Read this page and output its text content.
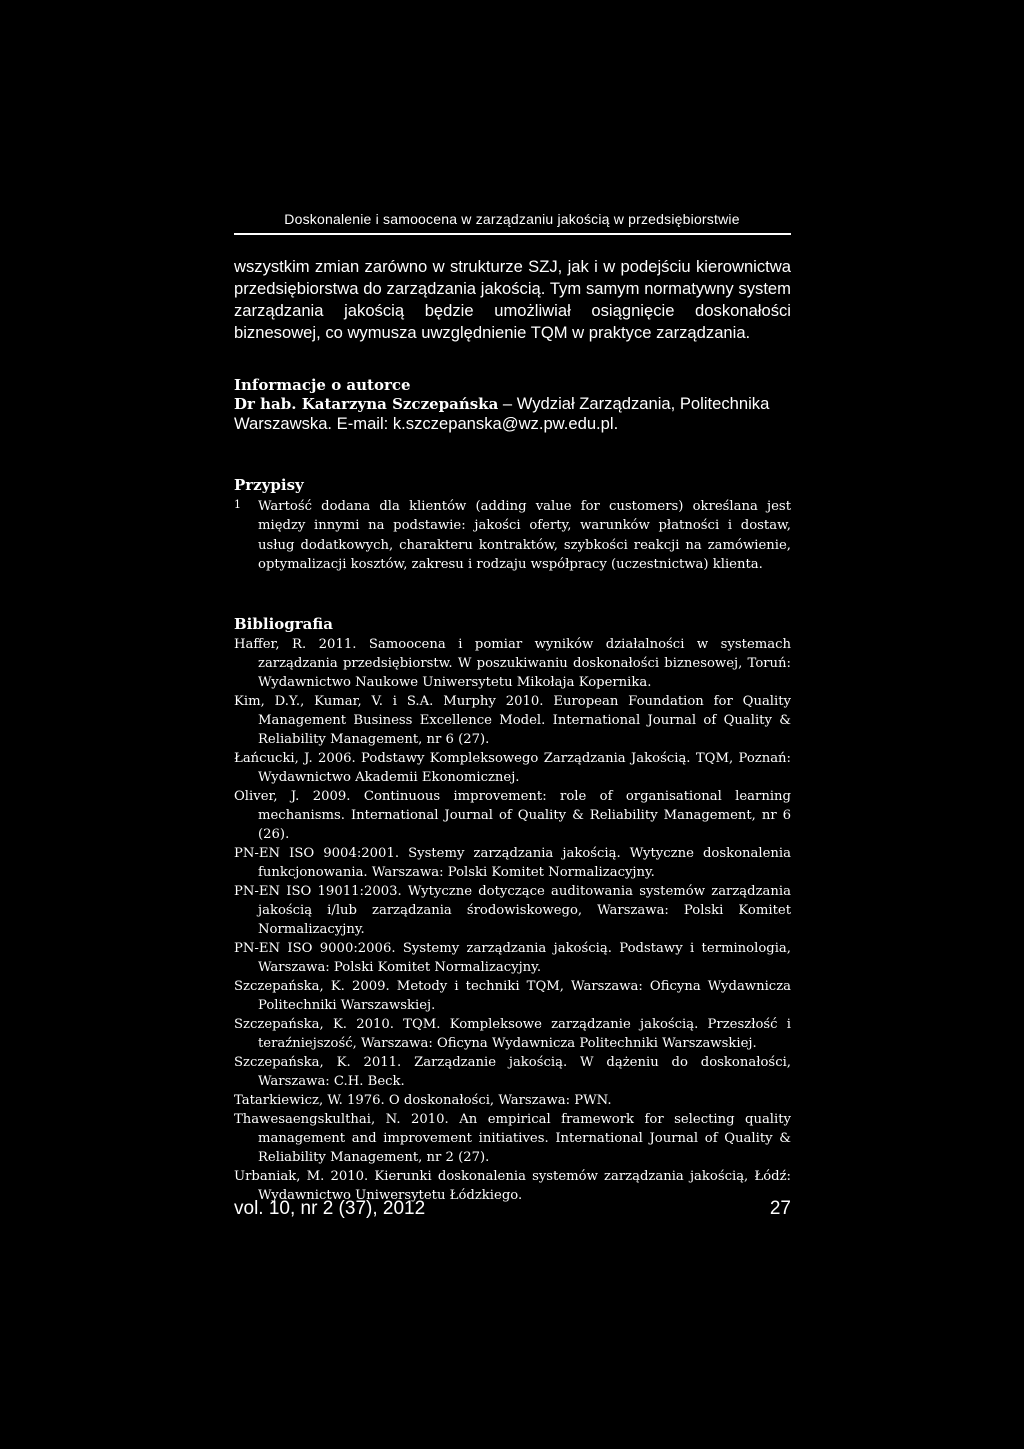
Doskonalenie i samoocena w zarządzaniu jakością w przedsiębiorstwie

wszystkim zmian zarówno w strukturze SZJ, jak i w podejściu kierownictwa przedsiębiorstwa do zarządzania jakością. Tym samym normatywny system zarządzania jakością będzie umożliwiał osiągnięcie doskonałości biznesowej, co wymusza uwzględnienie TQM w praktyce zarządzania.

Informacje o autorce

Dr hab. Katarzyna Szczepańska – Wydział Zarządzania, Politechnika Warszawska. E-mail: k.szczepanska@wz.pw.edu.pl.

Przypisy
1	Wartość dodana dla klientów (adding value for customers) określana jest między innymi na podstawie: jakości oferty, warunków płatności i dostaw, usług dodatkowych, charakteru kontraktów, szybkości reakcji na zamówienie, optymalizacji kosztów, zakresu i rodzaju współpracy (uczestnictwa) klienta.
Bibliografia
Haffer, R. 2011. Samoocena i pomiar wyników działalności w systemach zarządzania przedsiębiorstw. W poszukiwaniu doskonałości biznesowej, Toruń: Wydawnictwo Naukowe Uniwersytetu Mikołaja Kopernika.
Kim, D.Y., Kumar, V. i S.A. Murphy 2010. European Foundation for Quality Management Business Excellence Model. International Journal of Quality & Reliability Management, nr 6 (27).
Łańcucki, J. 2006. Podstawy Kompleksowego Zarządzania Jakością. TQM, Poznań: Wydawnictwo Akademii Ekonomicznej.
Oliver, J. 2009. Continuous improvement: role of organisational learning mechanisms. International Journal of Quality & Reliability Management, nr 6 (26).
PN-EN ISO 9004:2001. Systemy zarządzania jakością. Wytyczne doskonalenia funkcjonowania. Warszawa: Polski Komitet Normalizacyjny.
PN-EN ISO 19011:2003. Wytyczne dotyczące auditowania systemów zarządzania jakością i/lub zarządzania środowiskowego, Warszawa: Polski Komitet Normalizacyjny.
PN-EN ISO 9000:2006. Systemy zarządzania jakością. Podstawy i terminologia, Warszawa: Polski Komitet Normalizacyjny.
Szczepańska, K. 2009. Metody i techniki TQM, Warszawa: Oficyna Wydawnicza Politechniki Warszawskiej.
Szczepańska, K. 2010. TQM. Kompleksowe zarządzanie jakością. Przeszłość i teraźniejszość, Warszawa: Oficyna Wydawnicza Politechniki Warszawskiej.
Szczepańska, K. 2011. Zarządzanie jakością. W dążeniu do doskonałości, Warszawa: C.H. Beck.
Tatarkiewicz, W. 1976. O doskonałości, Warszawa: PWN.
Thawesaengskulthai, N. 2010. An empirical framework for selecting quality management and improvement initiatives. International Journal of Quality & Reliability Management, nr 2 (27).
Urbaniak, M. 2010. Kierunki doskonalenia systemów zarządzania jakością, Łódź: Wydawnictwo Uniwersytetu Łódzkiego.
vol. 10, nr 2 (37), 2012	27
